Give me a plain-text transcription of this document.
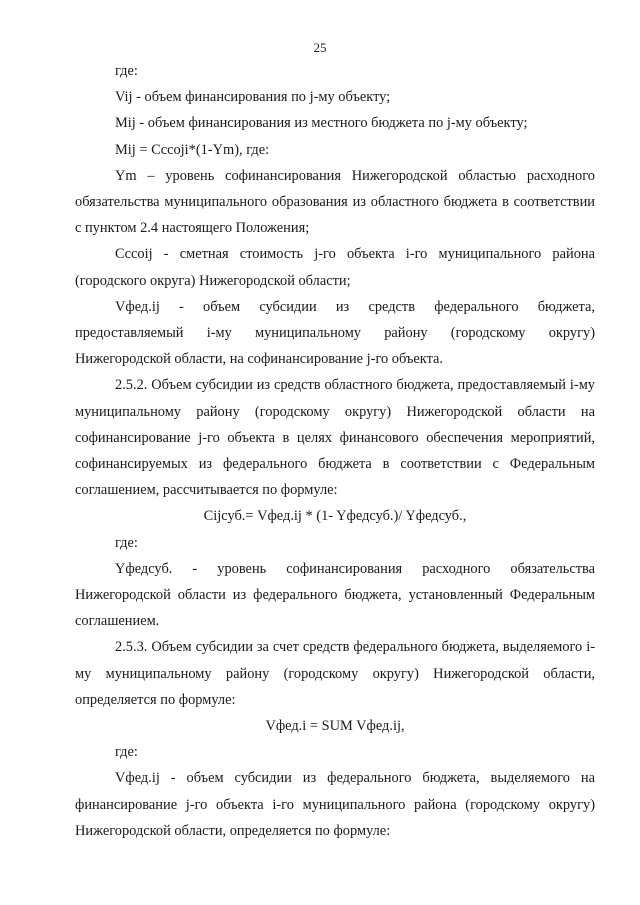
25

где:

Vij - объем финансирования по j-му объекту;

Mij - объем финансирования из местного бюджета по j-му объекту;

Mij = Cccoji*(1-Ym), где:

Ym – уровень софинансирования Нижегородской областью расходного обязательства муниципального образования из областного бюджета в соответствии с пунктом 2.4 настоящего Положения;

Cccoij - сметная стоимость j-го объекта i-го муниципального района (городского округа) Нижегородской области;

Vфед.ij - объем субсидии из средств федерального бюджета, предоставляемый i-му муниципальному району (городскому округу) Нижегородской области, на софинансирование j-го объекта.

2.5.2. Объем субсидии из средств областного бюджета, предоставляемый i-му муниципальному району (городскому округу) Нижегородской области на софинансирование j-го объекта в целях финансового обеспечения мероприятий, софинансируемых из федерального бюджета в соответствии с Федеральным соглашением, рассчитывается по формуле:

Cijсуб.= Vфед.ij * (1- Yфедсуб.)/ Yфедсуб.,

где:

Yфедсуб. - уровень софинансирования расходного обязательства Нижегородской области из федерального бюджета, установленный Федеральным соглашением.

2.5.3. Объем субсидии за счет средств федерального бюджета, выделяемого i-му муниципальному району (городскому округу) Нижегородской области, определяется по формуле:

Vфед.i = SUM Vфед.ij,

где:

Vфед.ij - объем субсидии из федерального бюджета, выделяемого на финансирование j-го объекта i-го муниципального района (городскому округу) Нижегородской области, определяется по формуле:
